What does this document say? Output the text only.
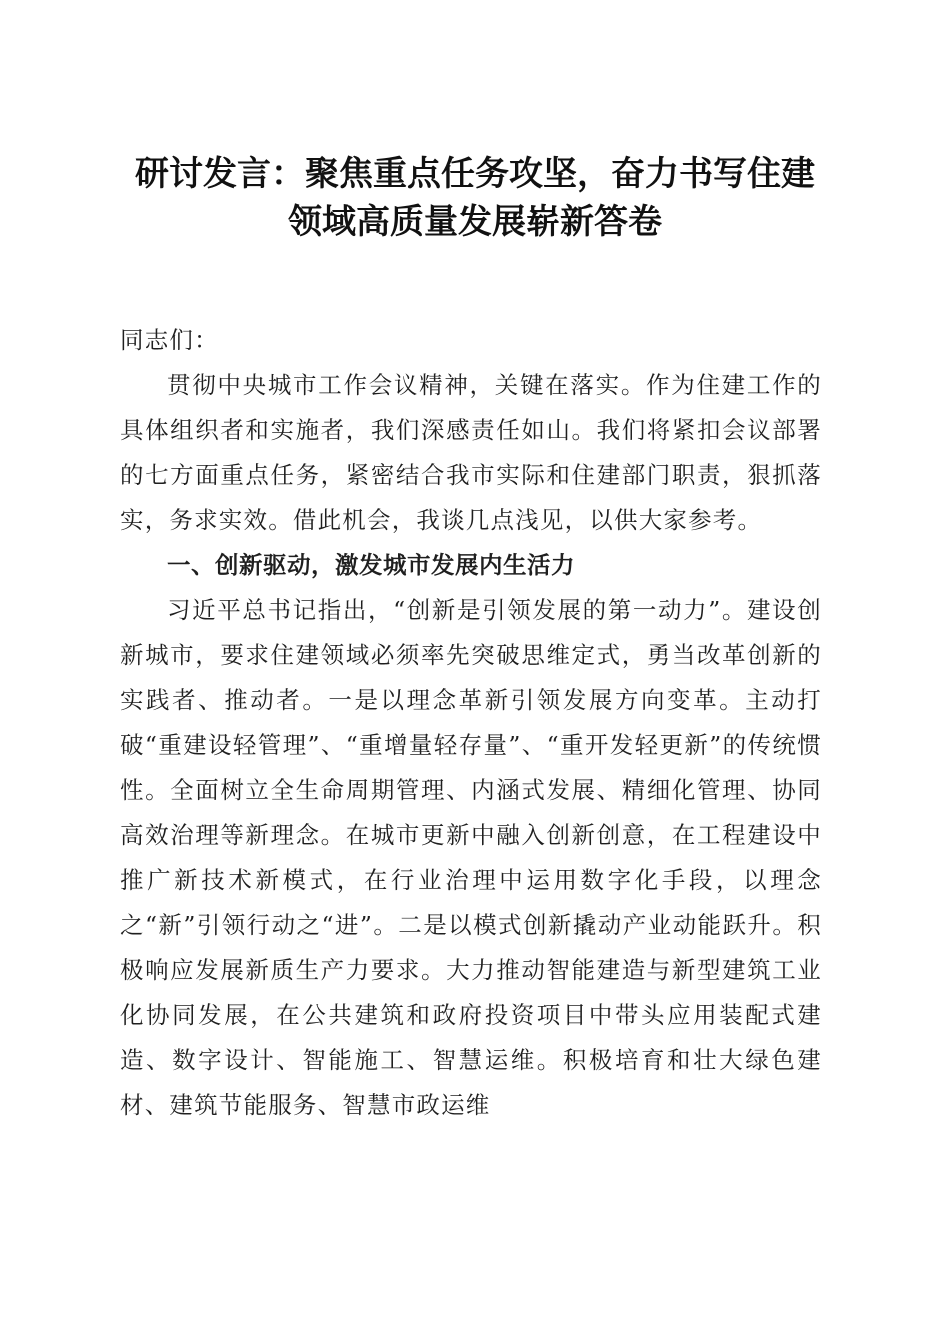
研讨发言：聚焦重点任务攻坚，奋力书写住建
领域高质量发展崭新答卷

同志们：

贯彻中央城市工作会议精神，关键在落实。作为住建工作的具体组织者和实施者，我们深感责任如山。我们将紧扣会议部署的七方面重点任务，紧密结合我市实际和住建部门职责，狠抓落实，务求实效。借此机会，我谈几点浅见，以供大家参考。

一、创新驱动，激发城市发展内生活力

习近平总书记指出，“创新是引领发展的第一动力”。建设创新城市，要求住建领域必须率先突破思维定式，勇当改革创新的实践者、推动者。一是以理念革新引领发展方向变革。主动打破“重建设轻管理”、“重增量轻存量”、“重开发轻更新”的传统惯性。全面树立全生命周期管理、内涵式发展、精细化管理、协同高效治理等新理念。在城市更新中融入创新创意，在工程建设中推广新技术新模式，在行业治理中运用数字化手段，以理念之“新”引领行动之“进”。二是以模式创新撬动产业动能跃升。积极响应发展新质生产力要求。大力推动智能建造与新型建筑工业化协同发展，在公共建筑和政府投资项目中带头应用装配式建造、数字设计、智能施工、智慧运维。积极培育和壮大绿色建材、建筑节能服务、智慧市政运维
